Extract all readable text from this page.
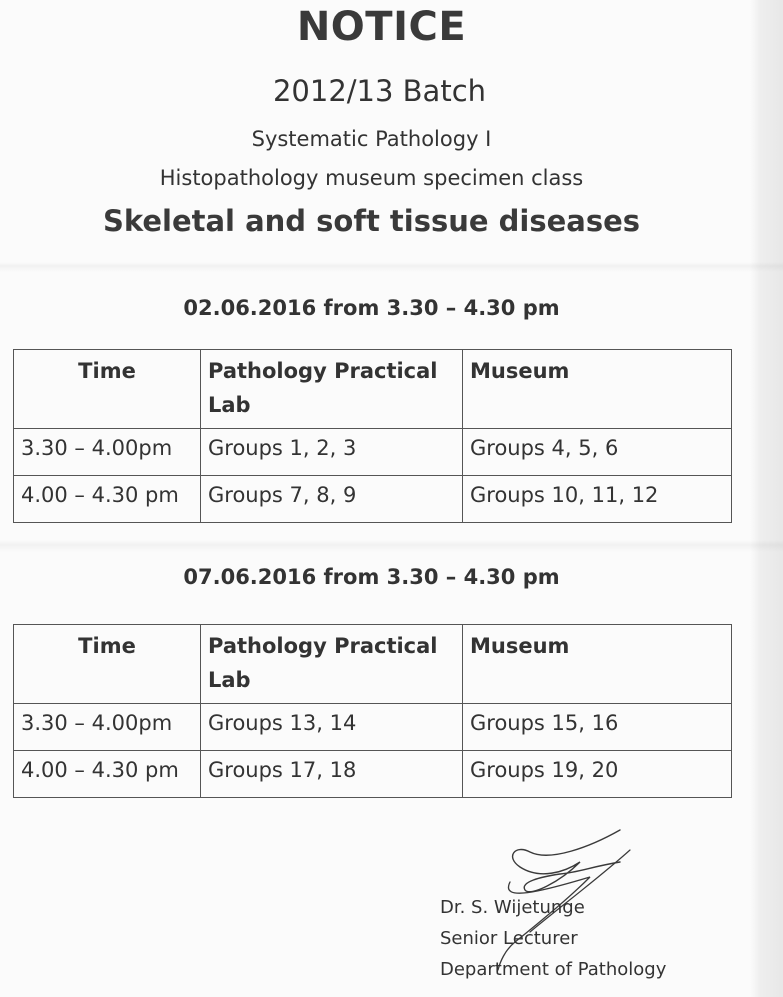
NOTICE
2012/13 Batch
Systematic Pathology I
Histopathology museum specimen class
Skeletal and soft tissue diseases
02.06.2016 from 3.30 – 4.30 pm
Time	Pathology Practical Lab	Museum
3.30 – 4.00pm	Groups 1, 2, 3	Groups 4, 5, 6
4.00 – 4.30 pm	Groups 7, 8, 9	Groups 10, 11, 12
07.06.2016 from 3.30 – 4.30 pm
Time	Pathology Practical Lab	Museum
3.30 – 4.00pm	Groups 13, 14	Groups 15, 16
4.00 – 4.30 pm	Groups 17, 18	Groups 19, 20
Dr. S. Wijetunge
Senior Lecturer
Department of Pathology
